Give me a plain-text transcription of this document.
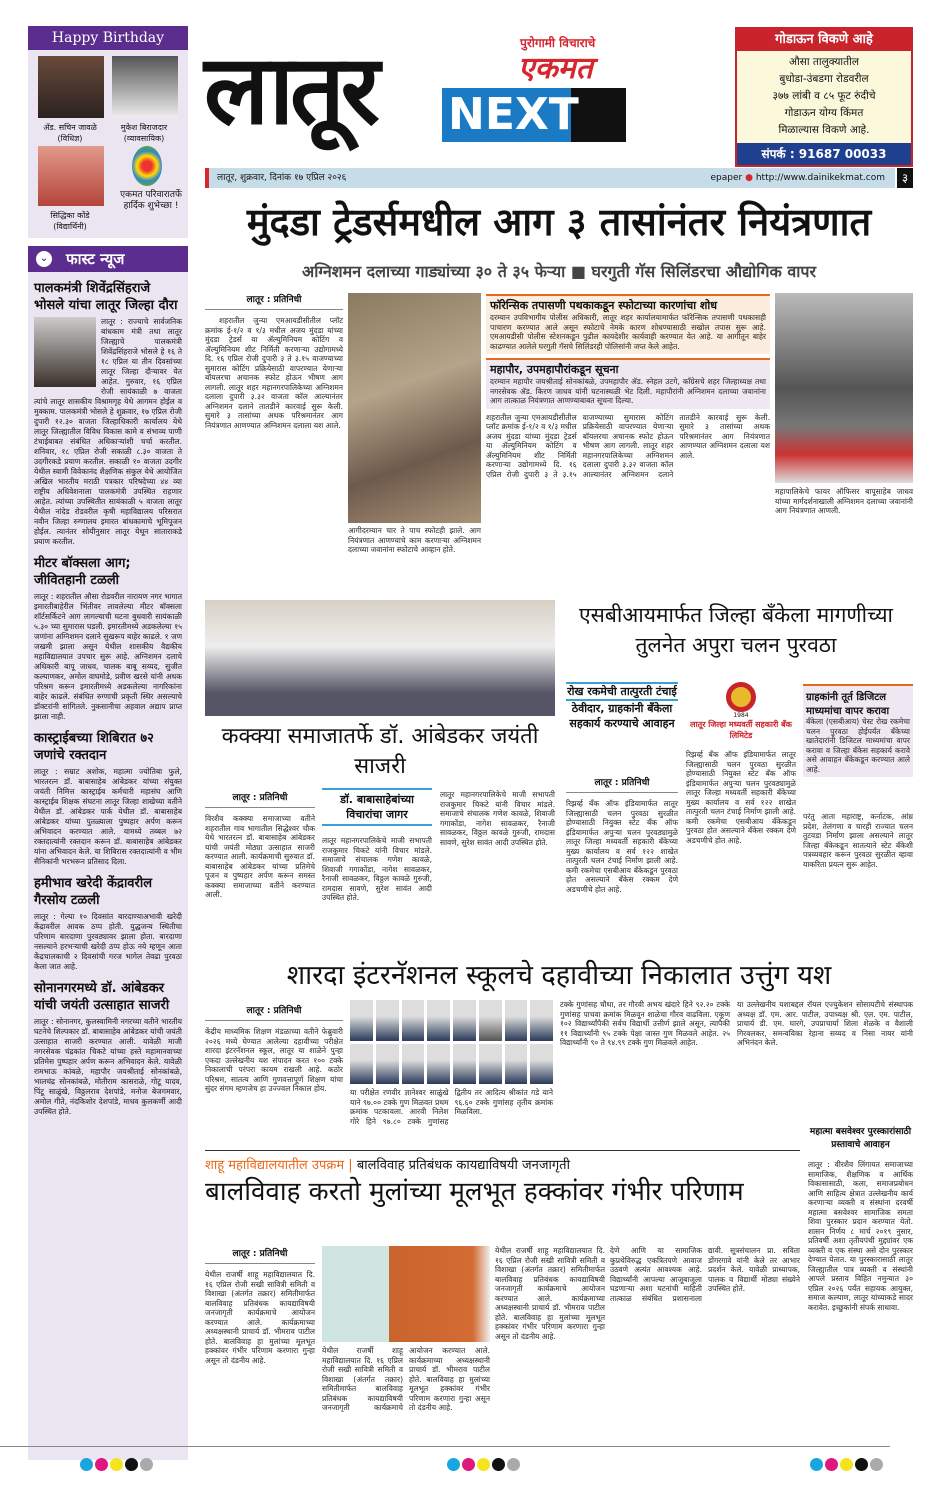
Happy Birthday
ॲड. सचिन जावळे
(विधिज्ञ)
मुकेश बिराजदार
(व्यावसायिक)
सिद्धिका कोंडे
(विद्यार्थिनी)
एकमत परिवारातर्फे हार्दिक शुभेच्छा !
⌄ फास्ट न्यूज
पालकमंत्री शिवेंद्रसिंहराजे भोसले यांचा लातूर जिल्हा दौरा
लातूर : राज्याचे सार्वजनिक बांधकाम मंत्री तथा लातूर जिल्ह्याचे पालकमंत्री शिवेंद्रसिंहराजे भोसले हे १६ ते १८ एप्रिल या तीन दिवसांच्या लातूर जिल्हा दौऱ्यावर येत आहेत. गुरुवार, १६ एप्रिल रोजी सायंकाळी ७ वाजता त्यांचे लातूर शासकीय विश्रामगृह येथे आगमन होईल व मुक्काम. पालकमंत्री भोसले हे शुक्रवार, १७ एप्रिल रोजी दुपारी १२.३० वाजता जिल्हाधिकारी कार्यालय येथे लातूर जिल्ह्यातील विविध विकास कामे व संभाव्य पाणी टंचाईबाबत संबंधित अधिकाऱ्यांशी चर्चा करतील. शनिवार, १८ एप्रिल रोजी सकाळी ८.३० वाजता ते उदगीरकडे प्रयाण करतील. सकाळी १० वाजता उदगीर येथील स्वामी विवेकानंद शैक्षणिक संकुल येथे आयोजित अखिल भारतीय मराठी पत्रकार परिषदेच्या ४४ व्या राष्ट्रीय अधिवेशनाला पालकमंत्री उपस्थित राहणार आहेत. त्यांच्या उपस्थितीत सायंकाळी ५ वाजता लातूर येथील नांदेड रोडवरील कृषी महाविद्यालय परिसरात नवीन जिल्हा रुग्णालय इमारत बांधकामाचे भूमिपूजन होईल. त्यानंतर सोयीनुसार लातूर येथून साताराकडे प्रयाण करतील.
मीटर बॉक्सला आग; जीवितहानी टळली
लातूर : शहरातील औसा रोडवरील नारायण नगर भागात इमारतीबाहेरील भिंतीवर लावलेल्या मीटर बॉक्सला शॉर्टसर्किटने आग लागल्याची घटना बुधवारी सायंकाळी ५.३० च्या सुमारास घडली. इमारतीमध्ये अडकलेल्या १५ जणांना अग्निशमन दलाने सुखरूप बाहेर काढले. १ जण जखमी झाला असून येथील शासकीय वैद्यकीय महाविद्यालयात उपचार सुरू आहे. अग्निशमन दलाचे अधिकारी बापू जाधव, चालक बाबू सय्यद, सुजीत कल्याणकर, अमोल वाघमोडे, प्रवीण खरसे यांनी अथक परिश्रम करून इमारतीमध्ये अडकलेल्या नागरिकांना बाहेर काढले. संबंधित रुग्णाची प्रकृती स्थिर असल्याचे डॉक्टरांनी सांगितले. नुकसानीचा अहवाल अद्याप प्राप्त झाला नाही.
कास्ट्राईबच्या शिबिरात ७२ जणांचे रक्तदान
लातूर : सम्राट अशोक, महात्मा ज्योतिबा फुले, भारतरत्न डॉ. बाबासाहेब आंबेडकर यांच्या संयुक्त जयंती निमित्त कास्ट्राईब कर्मचारी महासंघ आणि कास्ट्राईब शिक्षक संघटना लातूर जिल्हा शाखेच्या वतीने येथील डॉ. आंबेडकर पार्क येथील डॉ. बाबासाहेब आंबेडकर यांच्या पुतळ्याला पुष्पहार अर्पण करून अभिवादन करण्यात आले. यामध्ये तब्बल ७२ रक्तदात्यांनी रक्तदान करून डॉ. बाबासाहेब आंबेडकर यांना अभिवादन केले. या शिबिरास रक्तदात्यांनी व भीम सैनिकांनी भरभरून प्रतिसाद दिला.
हमीभाव खरेदी केंद्रावरील गैरसोय टळली
लातूर : गेल्या १० दिवसांत बारदाण्याअभावी खरेदी केंद्रावरील आवक ठप्प होती. युद्धजन्य स्थितीचा परिणाम बारदाणा पुरवठ्यावर झाला होता. बारदाणा नसल्याने हरभऱ्याची खरेदी ठप्प होऊ नये म्हणून आता केंद्रचालकाची २ दिवसांची गरज भागेल तेवढा पुरवठा केला जात आहे.
सोनानगरमध्ये डॉ. आंबेडकर यांची जयंती उत्साहात साजरी
लातूर : सोनानगर, कुलस्वामिनी नगरच्या वतीने भारतीय घटनेचे शिल्पकार डॉ. बाबासाहेब आंबेडकर यांची जयंती उत्साहात साजरी करण्यात आली. यावेळी माजी नगरसेवक चंद्रकांत चिकटे यांच्या हस्ते महामानवाच्या प्रतिमेस पुष्पहार अर्पण करून अभिवादन केले. यावेळी रामभाऊ कांबळे, महापौर जयश्रीताई सोनकांबळे, भालचंद्र सोनकांबळे, मोतीराम कासराळे, गोटू यादव, पिंटू साळुंखे, विठ्ठलराव देशपांडे, मनोज बेजगमवार, अमोल गीते, नंदकिशोर देशपांडे, माधव कुलकर्णी आदी उपस्थित होते.
लातूर	पुरोगामी विचाराचे
एकमत
NEXT
गोडाऊन विकणे आहे
औसा तालुक्यातील
बुधोडा-उंबडगा रोडवरील
३७७ लांबी व ८५ फूट रुंदीचे
गोडाऊन योग्य किंमत
मिळाल्यास विकणे आहे.
संपर्क : 91687 00033
लातूर, शुक्रवार, दिनांक १७ एप्रिल २०२६	epaper ● http://www.dainikekmat.com	३
मुंदडा ट्रेडर्समधील आग ३ तासांनंतर नियंत्रणात
अग्निशमन दलाच्या गाड्यांच्या ३० ते ३५ फेऱ्या ■ घरगुती गॅस सिलिंडरचा औद्योगिक वापर
लातूर : प्रतिनिधी
शहरातील जुन्या एमआयडीसीतील प्लॉट क्रमांक ई-१/२ व १/३ मधील अजय मुंदडा यांच्या मुंदडा ट्रेडर्स या ॲल्युमिनियम कोटिंग व ॲल्युमिनियम शीट निर्मिती करणाऱ्या उद्योगामध्ये दि. १६ एप्रिल रोजी दुपारी ३ ते ३.१५ वाजण्याच्या सुमारास कोटिंग प्रक्रियेसाठी वापरण्यात येणाऱ्या बॉयलरचा अचानक स्फोट होऊन भीषण आग लागली. लातूर शहर महानगरपालिकेच्या अग्निशमन दलाला दुपारी ३.३२ वाजता कॉल आल्यानंतर अग्निशमन दलाने तातडीने कारवाई सुरू केली. सुमारे ३ तासांच्या अथक परिश्रमानंतर आग नियंत्रणात आणण्यात अग्निशमन दलाला यश आले.
आगीदरम्यान चार ते पाच स्फोटही झाले. आग नियंत्रणात आणण्याचे काम करणाऱ्या अग्निशमन दलाच्या जवानांना स्फोटाचे आव्हान होते.
फॉरेन्सिक तपासणी पथकाकडून स्फोटाच्या कारणांचा शोध
दरम्यान उपविभागीय पोलीस अधिकारी, लातूर शहर कार्यालयामार्फत फॉरेन्सिक तपासणी पथकासही पाचारण करण्यात आले असून स्फोटाचे नेमके कारण शोधण्यासाठी सखोल तपास सुरू आहे. एमआयडीसी पोलीस स्टेशनकडून पुढील कायदेशीर कार्यवाही करण्यात येत आहे. या आगीतून बाहेर काढण्यात आलेले घरगुती गॅसचे सिलिंडरही पोलिसांनी जप्त केले आहेत.
महापौर, उपमहापौरांकडून सूचना
दरम्यान महापौर जयश्रीताई सोनकांबळे, उपमहापौर ॲड. स्नेहल उटगे, काँग्रेसचे शहर जिल्हाध्यक्ष तथा नगरसेवक ॲड. किरण जाधव यांनी घटनास्थळी भेट दिली. महापौरांनी अग्निशमन दलाच्या जवानांना आग तात्काळ नियंत्रणात आणण्याबाबत सूचना दिल्या.
शहरातील जुन्या एमआयडीसीतील प्लॉट क्रमांक ई-१/२ व १/३ मधील अजय मुंदडा यांच्या मुंदडा ट्रेडर्स या ॲल्युमिनियम कोटिंग व ॲल्युमिनियम शीट निर्मिती करणाऱ्या उद्योगामध्ये दि. १६ एप्रिल रोजी दुपारी ३ ते ३.१५ वाजण्याच्या सुमारास कोटिंग प्रक्रियेसाठी वापरण्यात येणाऱ्या बॉयलरचा अचानक स्फोट होऊन भीषण आग लागली. लातूर शहर महानगरपालिकेच्या अग्निशमन दलाला दुपारी ३.३२ वाजता कॉल आल्यानंतर अग्निशमन दलाने तातडीने कारवाई सुरू केली. सुमारे ३ तासांच्या अथक परिश्रमानंतर आग नियंत्रणात आणण्यात अग्निशमन दलाला यश आले.
महापालिकेचे फायर ऑफिसर बापूसाहेब जाधव यांच्या मार्गदर्शनाखाली अग्निशमन दलाच्या जवानांनी आग नियंत्रणात आणली.
कक्क्या समाजातर्फे डॉ. आंबेडकर जयंती साजरी
लातूर : प्रतिनिधी
विरशैव कक्क्या समाजाच्या वतीने शहरातील गाव भागातील सिद्धेश्वर चौक येथे भारतरत्न डॉ. बाबासाहेब आंबेडकर यांची जयंती मोठ्या उत्साहात साजरी करण्यात आली. कार्यक्रमाची सुरुवात डॉ. बाबासाहेब आंबेडकर यांच्या प्रतिमेचे पूजन व पुष्पहार अर्पण करून समस्त कक्क्या समाजाच्या वतीने करण्यात आली.
डॉ. बाबासाहेबांच्या विचारांचा जागर
लातूर महानगरपालिकेचे माजी सभापती राजकुमार चिकटे यांनी विचार मांडले. समाजाचे संचालक गणेश कावळे, शिवाजी गगाकोंडा, नागेश सावळकर, रैनाजी सावळकर, विठ्ठल कावळे गुरुजी, रामदास सावणे, सुरेश सावंत आदी उपस्थित होते.
लातूर महानगरपालिकेचे माजी सभापती राजकुमार चिकटे यांनी विचार मांडले. समाजाचे संचालक गणेश कावळे, शिवाजी गगाकोंडा, नागेश सावळकर, रैनाजी सावळकर, विठ्ठल कावळे गुरुजी, रामदास सावणे, सुरेश सावंत आदी उपस्थित होते.
एसबीआयमार्फत जिल्हा बँकेला मागणीच्या तुलनेत अपुरा चलन पुरवठा
रोख रकमेची तात्पुरती टंचाई
ठेवीदार, ग्राहकांनी बँकेला सहकार्य करण्याचे आवाहन
लातूर : प्रतिनिधी
रिझर्व्ह बँक ऑफ इंडियामार्फत लातूर जिल्ह्यासाठी चलन पुरवठा सुरळीत होण्यासाठी नियुक्त स्टेट बँक ऑफ इंडियामार्फत अपुऱ्या चलन पुरवठ्यामुळे लातूर जिल्हा मध्यवर्ती सहकारी बँकेच्या मुख्य कार्यालय व सर्व १२२ शाखेत तात्पुरती चलन टंचाई निर्माण झाली आहे. कमी रकमेचा एसबीआय बँकेकडून पुरवठा होत असल्याने बँकेस रक्कम देणे अडचणीचे होत आहे.
1984
लातूर जिल्हा मध्यवर्ती सहकारी बँक लिमिटेड
रिझर्व्ह बँक ऑफ इंडियामार्फत लातूर जिल्ह्यासाठी चलन पुरवठा सुरळीत होण्यासाठी नियुक्त स्टेट बँक ऑफ इंडियामार्फत अपुऱ्या चलन पुरवठ्यामुळे लातूर जिल्हा मध्यवर्ती सहकारी बँकेच्या मुख्य कार्यालय व सर्व १२२ शाखेत तात्पुरती चलन टंचाई निर्माण झाली आहे. कमी रकमेचा एसबीआय बँकेकडून पुरवठा होत असल्याने बँकेस रक्कम देणे अडचणीचे होत आहे.
ग्राहकांनी तूर्त डिजिटल माध्यमांचा वापर करावा
बँकेला (एसबीआय) चेस्ट रोख रकमेचा चलन पुरवठा होईपर्यंत बँकेच्या खातेदारांनी डिजिटल माध्यमांचा वापर करावा व जिल्हा बँकेस सहकार्य करावे असे आवाहन बँकेकडून करण्यात आले आहे.
परंतु आता महाराष्ट्र, कर्नाटक, आंध्र प्रदेश, तेलंगणा व चारही राज्यात चलन तुटवडा निर्माण झाला असल्याने लातूर जिल्हा बँकेकडून सातत्याने स्टेट बँकेशी पत्रव्यवहार करून पुरवठा सुरळीत व्हावा याकरिता प्रयत्न सुरू आहेत.
शारदा इंटरनॅशनल स्कूलचे दहावीच्या निकालात उत्तुंग यश
लातूर : प्रतिनिधी
केंद्रीय माध्यमिक शिक्षण मंडळाच्या वतीने फेब्रुवारी २०२६ मध्ये घेण्यात आलेल्या दहावीच्या परीक्षेत शारदा इंटरनॅशनल स्कूल, लातूर या शाळेने पुन्हा एकदा उल्लेखनीय यश संपादन करत १०० टक्के निकालाची परंपरा कायम राखली आहे. कठोर परिश्रम, सातत्य आणि गुणवत्तापूर्ण शिक्षण यांचा सुंदर संगम म्हणजेच हा उज्ज्वल निकाल होय.	या परीक्षेत रणवीर ज्ञानेश्वर साळुंखे याने ९७.०० टक्के गुण मिळवत प्रथम क्रमांक पटकावला. आरवी निलेश गोरे हिने ९७.८० टक्के गुणांसह द्वितीय तर आदित्य श्रीकांत गडे याने ९६.६० टक्के गुणांसह तृतीय क्रमांक मिळविला.
टक्के गुणांसह चौथा, तर गौरवी अभय खंदारे हिने ९२.२० टक्के गुणांसह पाचवा क्रमांक मिळवून शाळेचा गौरव वाढविला. एकूण १०२ विद्यार्थ्यांपैकी सर्वच विद्यार्थी उत्तीर्ण झाले असून, त्यापैकी ११ विद्यार्थ्यांनी ९५ टक्के पेक्षा जास्त गुण मिळवले आहेत. २५ विद्यार्थ्यांनी ९० ते ९४.९९ टक्के गुण मिळवले आहेत.
या उल्लेखनीय यशाबद्दल रॉयल एज्युकेशन सोसायटीचे संस्थापक अध्यक्ष डॉ. एम. आर. पाटील, उपाध्यक्ष श्री. एल. एम. पाटील, प्राचार्य डी. एम. घारगे, उपप्राचार्या शिला शेळके व वैशाली गिरवलकर, समन्वयिका रेहाना सय्यद व निसा नायर यांनी अभिनंदन केले.
शाहू महाविद्यालयातील उपक्रम | बालविवाह प्रतिबंधक कायद्याविषयी जनजागृती
बालविवाह करतो मुलांच्या मूलभूत हक्कांवर गंभीर परिणाम
लातूर : प्रतिनिधी
येथील राजर्षी शाहू महाविद्यालयात दि. १६ एप्रिल रोजी सखी सावित्री समिती व विशाखा (अंतर्गत तक्रार) समितीमार्फत बालविवाह प्रतिबंधक कायद्याविषयी जनजागृती कार्यक्रमाचे आयोजन करण्यात आले. कार्यक्रमाच्या अध्यक्षस्थानी प्राचार्य डॉ. भीमराव पाटील होते. बालविवाह हा मुलांच्या मूलभूत हक्कांवर गंभीर परिणाम करणारा गुन्हा असून तो दंडनीय आहे.
येथील राजर्षी शाहू महाविद्यालयात दि. १६ एप्रिल रोजी सखी सावित्री समिती व विशाखा (अंतर्गत तक्रार) समितीमार्फत बालविवाह प्रतिबंधक कायद्याविषयी जनजागृती कार्यक्रमाचे आयोजन करण्यात आले. कार्यक्रमाच्या अध्यक्षस्थानी प्राचार्य डॉ. भीमराव पाटील होते. बालविवाह हा मुलांच्या मूलभूत हक्कांवर गंभीर परिणाम करणारा गुन्हा असून तो दंडनीय आहे.
येथील राजर्षी शाहू महाविद्यालयात दि. १६ एप्रिल रोजी सखी सावित्री समिती व विशाखा (अंतर्गत तक्रार) समितीमार्फत बालविवाह प्रतिबंधक कायद्याविषयी जनजागृती कार्यक्रमाचे आयोजन करण्यात आले. कार्यक्रमाच्या अध्यक्षस्थानी प्राचार्य डॉ. भीमराव पाटील होते. बालविवाह हा मुलांच्या मूलभूत हक्कांवर गंभीर परिणाम करणारा गुन्हा असून तो दंडनीय आहे.
देणे आणि या सामाजिक कुप्रथेविरुद्ध एकत्रितपणे आवाज उठवणे अत्यंत आवश्यक आहे. विद्यार्थ्यांनी आपल्या आजूबाजूला घडणाऱ्या अशा घटनांची माहिती तात्काळ संबंधित प्रशासनाला द्यावी. सूत्रसंचालन प्रा. सविता डोंगरगावे यांनी केले तर आभार प्रदर्शन केले. यावेळी प्राध्यापक, पालक व विद्यार्थी मोठ्या संख्येने उपस्थित होते.
महात्मा बसवेश्वर पुरस्कारांसाठी प्रस्तावाचे आवाहन
लातूर : वीरशैव लिंगायत समाजाच्या सामाजिक, शैक्षणिक व आर्थिक विकासासाठी, कला, समाजप्रबोधन आणि साहित्य क्षेत्रात उल्लेखनीय कार्य करणाऱ्या व्यक्ती व संस्थांना दरवर्षी महात्मा बसवेश्वर सामाजिक समता शिवा पुरस्कार प्रदान करण्यात येतो. शासन निर्णय ८ मार्च २०१९ नुसार, प्रतिवर्षी अशा तृतीयपंथी मुद्द्यांवर एक व्यक्ती व एक संस्था असे दोन पुरस्कार देण्यात येतात. या पुरस्कारासाठी लातूर जिल्ह्यातील पात्र व्यक्ती व संस्थांनी आपले प्रस्ताव विहित नमुन्यात ३० एप्रिल २०२६ पर्यंत सहायक आयुक्त, समाज कल्याण, लातूर यांच्याकडे सादर करावेत. इच्छुकांनी संपर्क साधावा.
